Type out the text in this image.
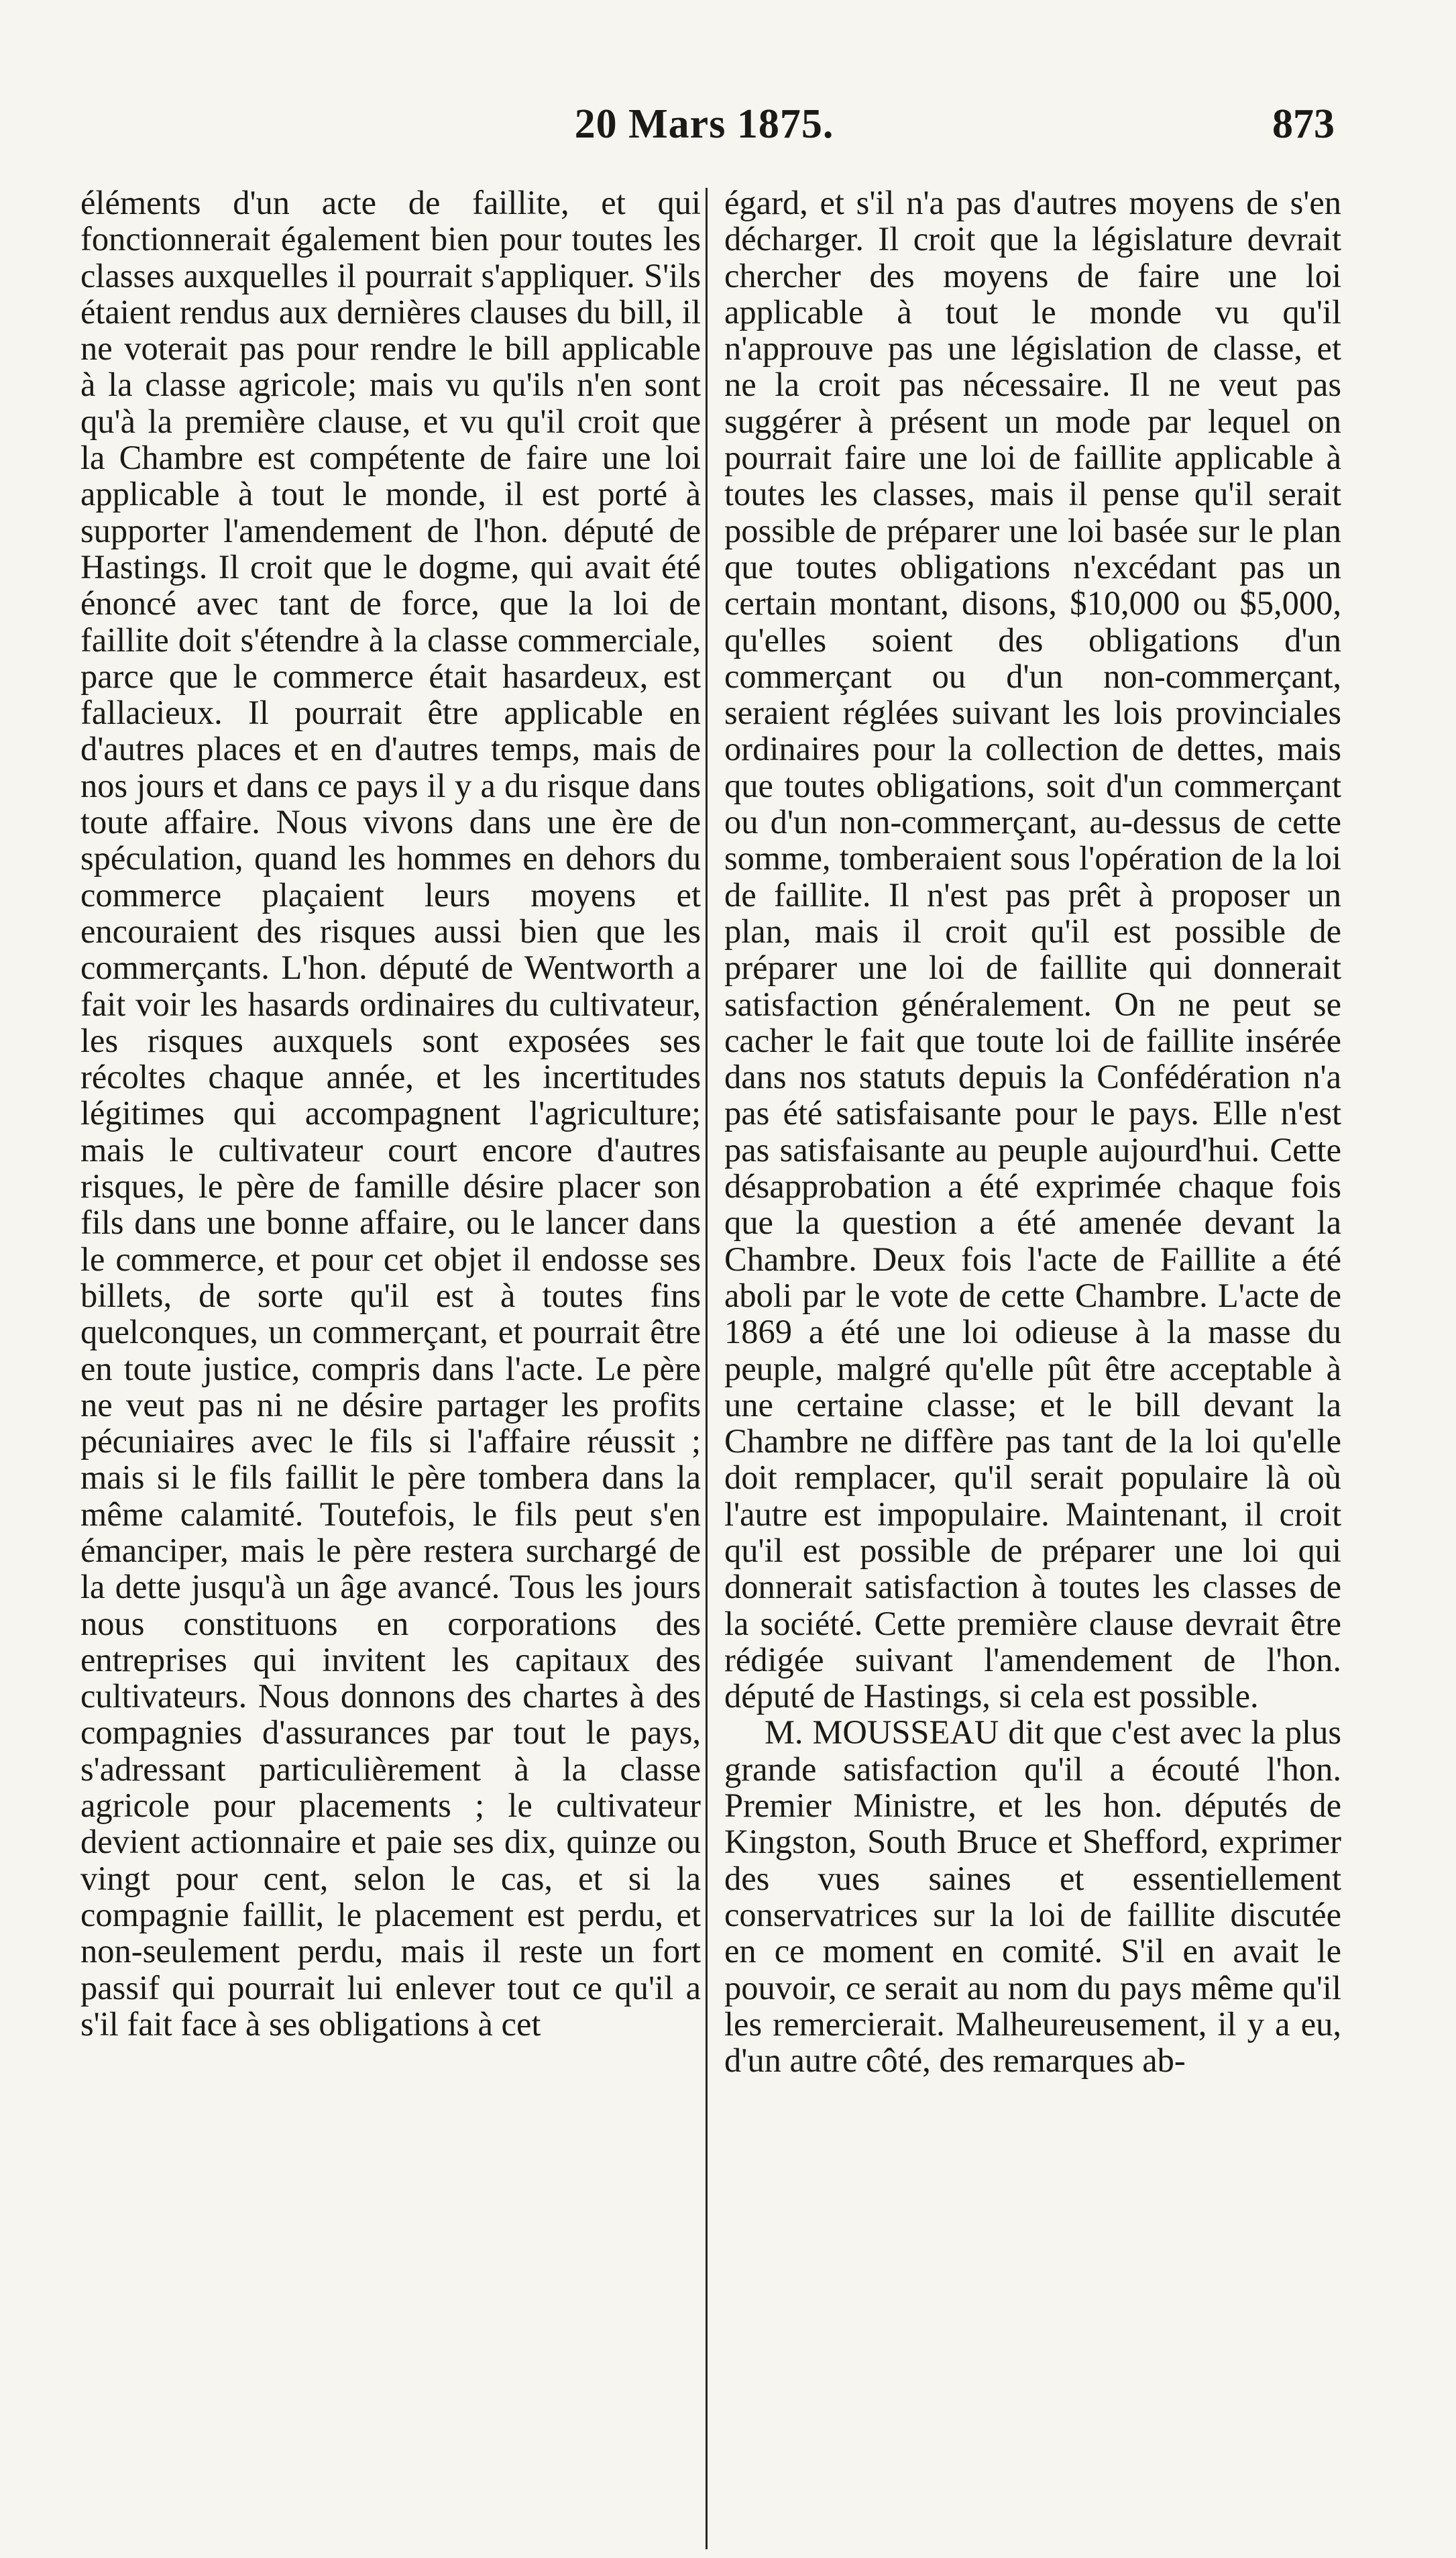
20 Mars 1875.	873

éléments d'un acte de faillite, et qui fonctionnerait également bien pour toutes les classes auxquelles il pourrait s'appliquer. S'ils étaient rendus aux dernières clauses du bill, il ne voterait pas pour rendre le bill applicable à la classe agricole; mais vu qu'ils n'en sont qu'à la première clause, et vu qu'il croit que la Chambre est compétente de faire une loi applicable à tout le monde, il est porté à supporter l'amendement de l'hon. député de Hastings. Il croit que le dogme, qui avait été énoncé avec tant de force, que la loi de faillite doit s'étendre à la classe commerciale, parce que le commerce était hasardeux, est fallacieux. Il pourrait être applicable en d'autres places et en d'autres temps, mais de nos jours et dans ce pays il y a du risque dans toute affaire. Nous vivons dans une ère de spéculation, quand les hommes en dehors du commerce plaçaient leurs moyens et encouraient des risques aussi bien que les commerçants. L'hon. député de Wentworth a fait voir les hasards ordinaires du cultivateur, les risques auxquels sont exposées ses récoltes chaque année, et les incertitudes légitimes qui accompagnent l'agriculture; mais le cultivateur court encore d'autres risques, le père de famille désire placer son fils dans une bonne affaire, ou le lancer dans le commerce, et pour cet objet il endosse ses billets, de sorte qu'il est à toutes fins quelconques, un commerçant, et pourrait être en toute justice, compris dans l'acte. Le père ne veut pas ni ne désire partager les profits pécuniaires avec le fils si l'affaire réussit ; mais si le fils faillit le père tombera dans la même calamité. Toutefois, le fils peut s'en émanciper, mais le père restera surchargé de la dette jusqu'à un âge avancé. Tous les jours nous constituons en corporations des entreprises qui invitent les capitaux des cultivateurs. Nous donnons des chartes à des compagnies d'assurances par tout le pays, s'adressant particulièrement à la classe agricole pour placements ; le cultivateur devient actionnaire et paie ses dix, quinze ou vingt pour cent, selon le cas, et si la compagnie faillit, le placement est perdu, et non-seulement perdu, mais il reste un fort passif qui pourrait lui enlever tout ce qu'il a s'il fait face à ses obligations à cet

égard, et s'il n'a pas d'autres moyens de s'en décharger. Il croit que la législature devrait chercher des moyens de faire une loi applicable à tout le monde vu qu'il n'approuve pas une législation de classe, et ne la croit pas nécessaire. Il ne veut pas suggérer à présent un mode par lequel on pourrait faire une loi de faillite applicable à toutes les classes, mais il pense qu'il serait possible de préparer une loi basée sur le plan que toutes obligations n'excédant pas un certain montant, disons, $10,000 ou $5,000, qu'elles soient des obligations d'un commerçant ou d'un non-commerçant, seraient réglées suivant les lois provinciales ordinaires pour la collection de dettes, mais que toutes obligations, soit d'un commerçant ou d'un non-commerçant, au-dessus de cette somme, tomberaient sous l'opération de la loi de faillite. Il n'est pas prêt à proposer un plan, mais il croit qu'il est possible de préparer une loi de faillite qui donnerait satisfaction généralement. On ne peut se cacher le fait que toute loi de faillite insérée dans nos statuts depuis la Confédération n'a pas été satisfaisante pour le pays. Elle n'est pas satisfaisante au peuple aujourd'hui. Cette désapprobation a été exprimée chaque fois que la question a été amenée devant la Chambre. Deux fois l'acte de Faillite a été aboli par le vote de cette Chambre. L'acte de 1869 a été une loi odieuse à la masse du peuple, malgré qu'elle pût être acceptable à une certaine classe; et le bill devant la Chambre ne diffère pas tant de la loi qu'elle doit remplacer, qu'il serait populaire là où l'autre est impopulaire. Maintenant, il croit qu'il est possible de préparer une loi qui donnerait satisfaction à toutes les classes de la société. Cette première clause devrait être rédigée suivant l'amendement de l'hon. député de Hastings, si cela est possible.

M. MOUSSEAU dit que c'est avec la plus grande satisfaction qu'il a écouté l'hon. Premier Ministre, et les hon. députés de Kingston, South Bruce et Shefford, exprimer des vues saines et essentiellement conservatrices sur la loi de faillite discutée en ce moment en comité. S'il en avait le pouvoir, ce serait au nom du pays même qu'il les remercierait. Malheureusement, il y a eu, d'un autre côté, des remarques ab-
